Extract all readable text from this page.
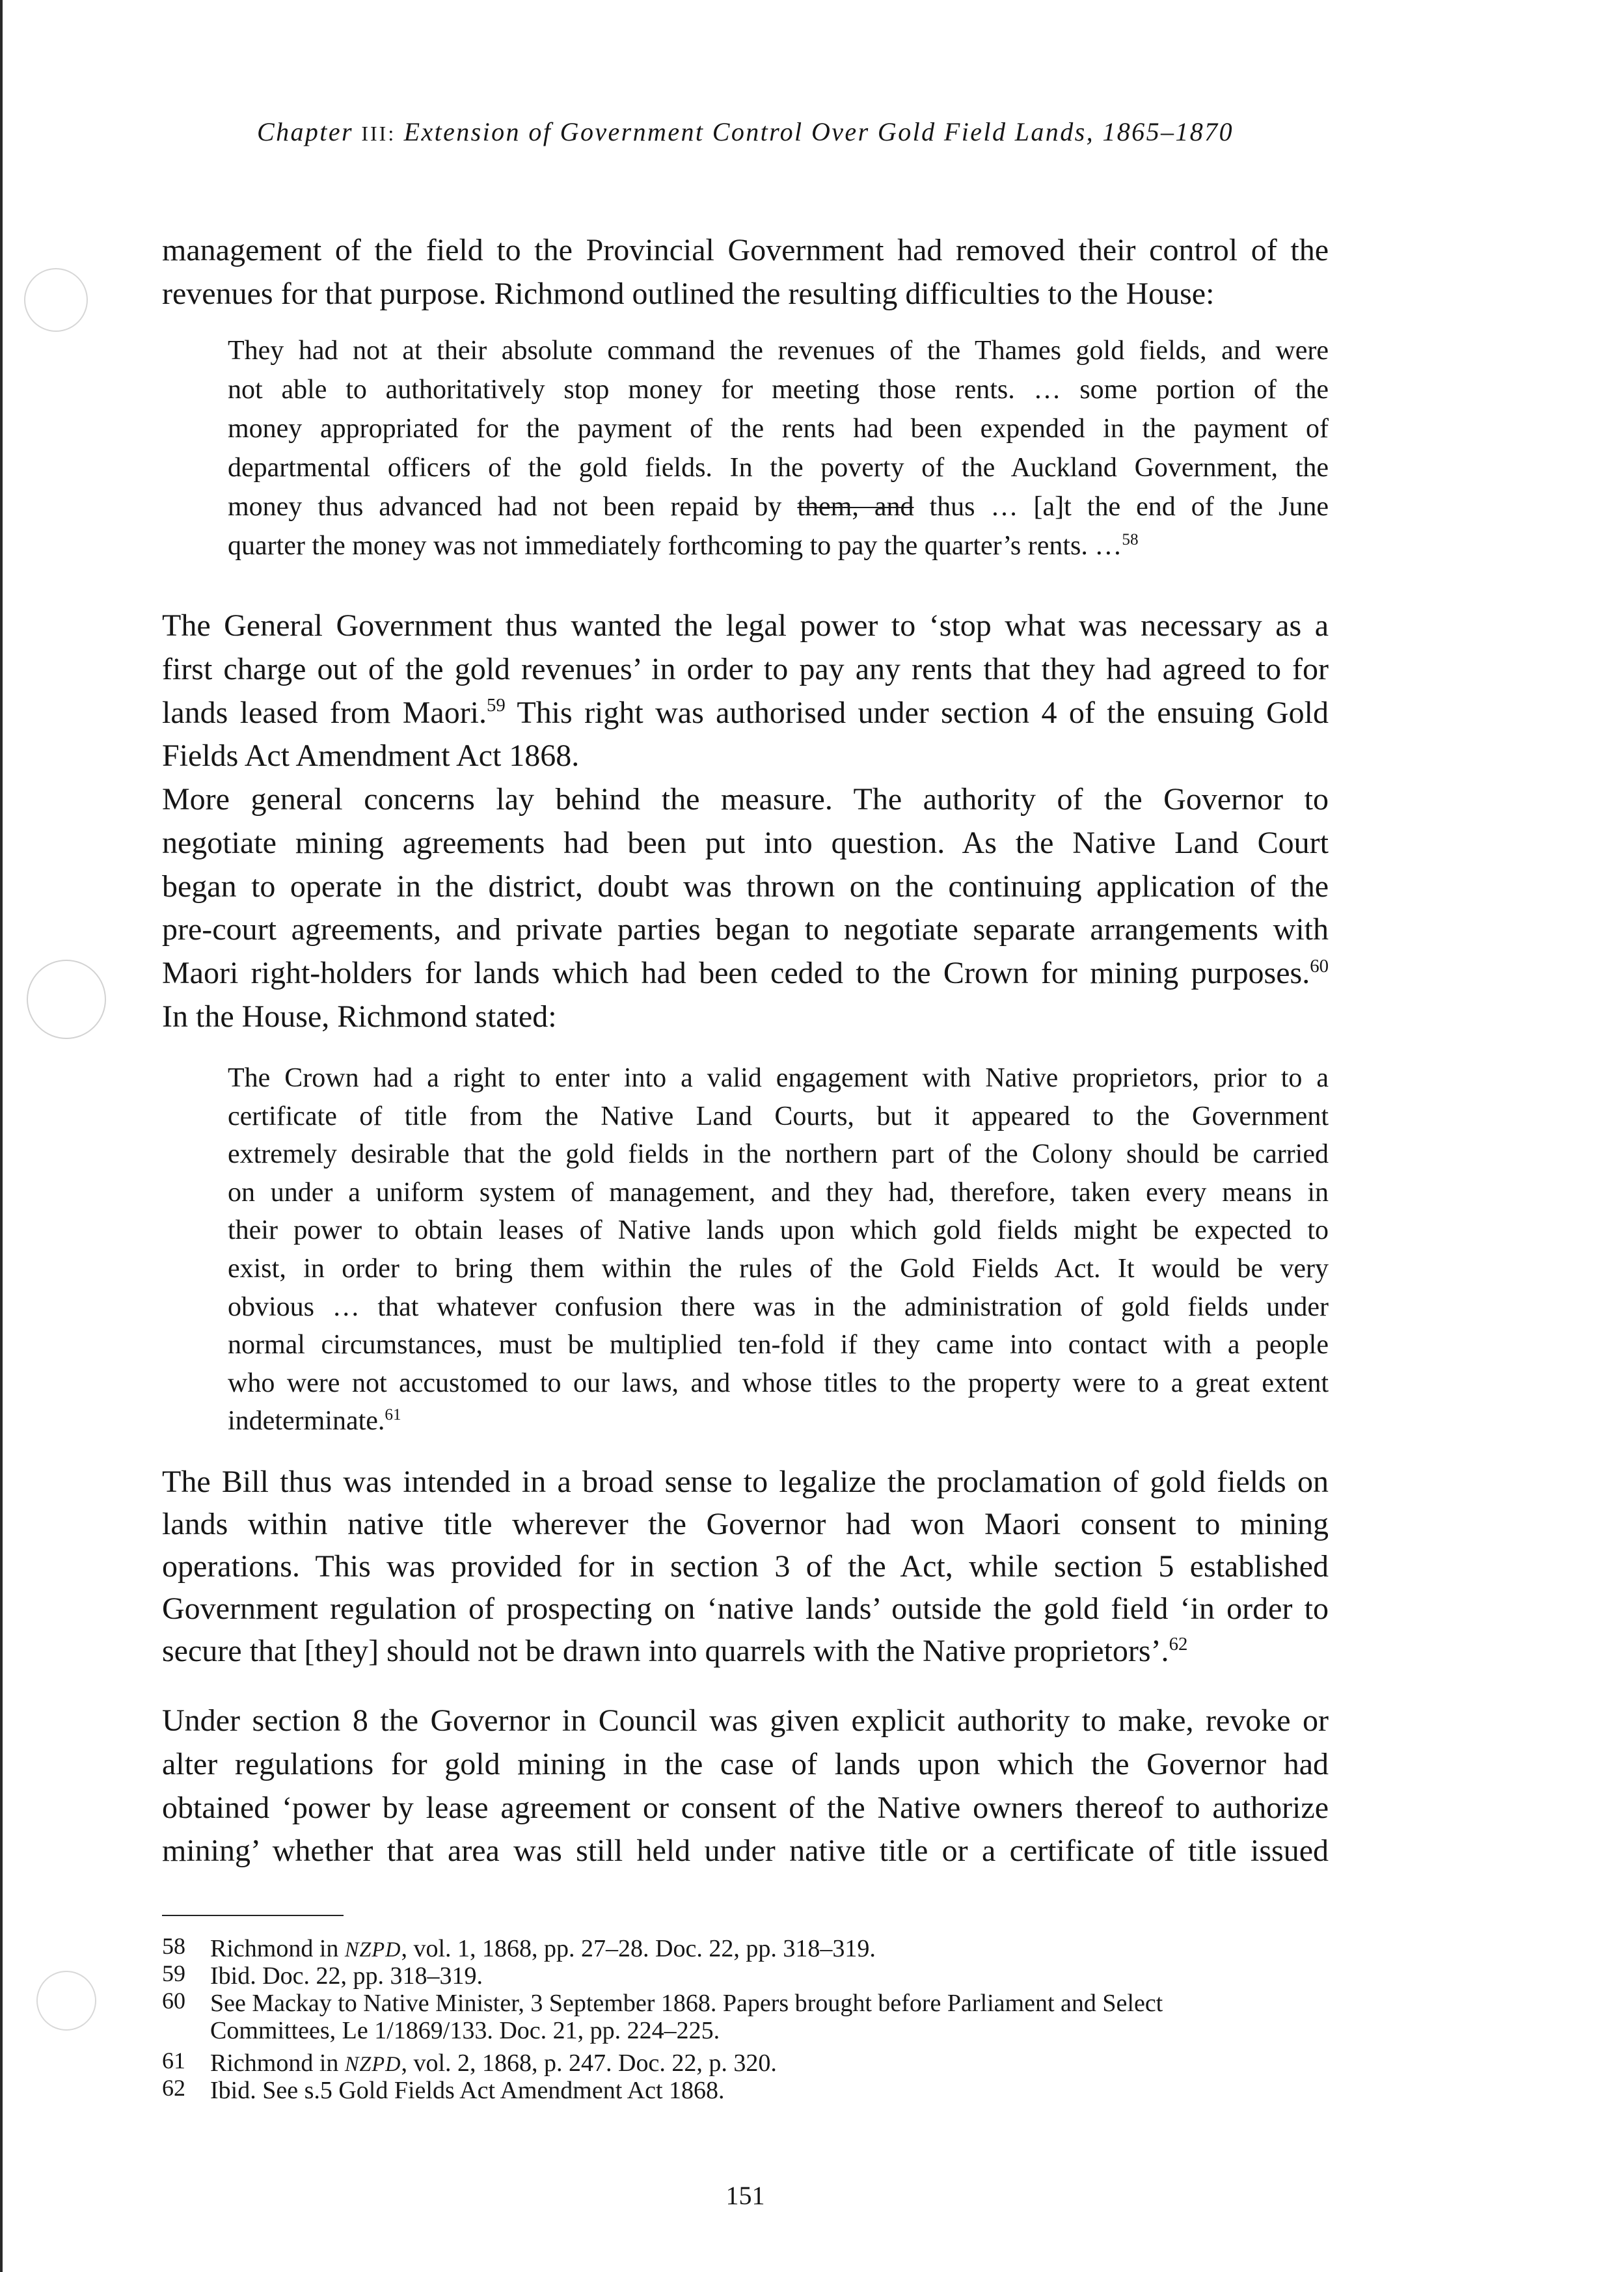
Chapter III: Extension of Government Control Over Gold Field Lands, 1865–1870
management of the field to the Provincial Government had removed their control of the
revenues for that purpose. Richmond outlined the resulting difficulties to the House:
They had not at their absolute command the revenues of the Thames gold fields, and were
not able to authoritatively stop money for meeting those rents. … some portion of the
money appropriated for the payment of the rents had been expended in the payment of
departmental officers of the gold fields. In the poverty of the Auckland Government, the
money thus advanced had not been repaid by them, and thus … [a]t the end of the June
quarter the money was not immediately forthcoming to pay the quarter’s rents. …$^{58}$
The General Government thus wanted the legal power to ‘stop what was necessary as a
first charge out of the gold revenues’ in order to pay any rents that they had agreed to for
lands leased from Maori.$^{59}$ This right was authorised under section 4 of the ensuing Gold
Fields Act Amendment Act 1868.
More general concerns lay behind the measure. The authority of the Governor to
negotiate mining agreements had been put into question. As the Native Land Court
began to operate in the district, doubt was thrown on the continuing application of the
pre-court agreements, and private parties began to negotiate separate arrangements with
Maori right-holders for lands which had been ceded to the Crown for mining purposes.$^{60}$
In the House, Richmond stated:
The Crown had a right to enter into a valid engagement with Native proprietors, prior to a
certificate of title from the Native Land Courts, but it appeared to the Government
extremely desirable that the gold fields in the northern part of the Colony should be carried
on under a uniform system of management, and they had, therefore, taken every means in
their power to obtain leases of Native lands upon which gold fields might be expected to
exist, in order to bring them within the rules of the Gold Fields Act. It would be very
obvious … that whatever confusion there was in the administration of gold fields under
normal circumstances, must be multiplied ten-fold if they came into contact with a people
who were not accustomed to our laws, and whose titles to the property were to a great extent
indeterminate.$^{61}$
The Bill thus was intended in a broad sense to legalize the proclamation of gold fields on
lands within native title wherever the Governor had won Maori consent to mining
operations. This was provided for in section 3 of the Act, while section 5 established
Government regulation of prospecting on ‘native lands’ outside the gold field ‘in order to
secure that [they] should not be drawn into quarrels with the Native proprietors’.$^{62}$
Under section 8 the Governor in Council was given explicit authority to make, revoke or
alter regulations for gold mining in the case of lands upon which the Governor had
obtained ‘power by lease agreement or consent of the Native owners thereof to authorize
mining’ whether that area was still held under native title or a certificate of title issued
58 Richmond in NZPD, vol. 1, 1868, pp. 27–28. Doc. 22, pp. 318–319.
59 Ibid. Doc. 22, pp. 318–319.
60 See Mackay to Native Minister, 3 September 1868. Papers brought before Parliament and Select
Committees, Le 1/1869/133. Doc. 21, pp. 224–225.
61 Richmond in NZPD, vol. 2, 1868, p. 247. Doc. 22, p. 320.
62 Ibid. See s.5 Gold Fields Act Amendment Act 1868.
151
